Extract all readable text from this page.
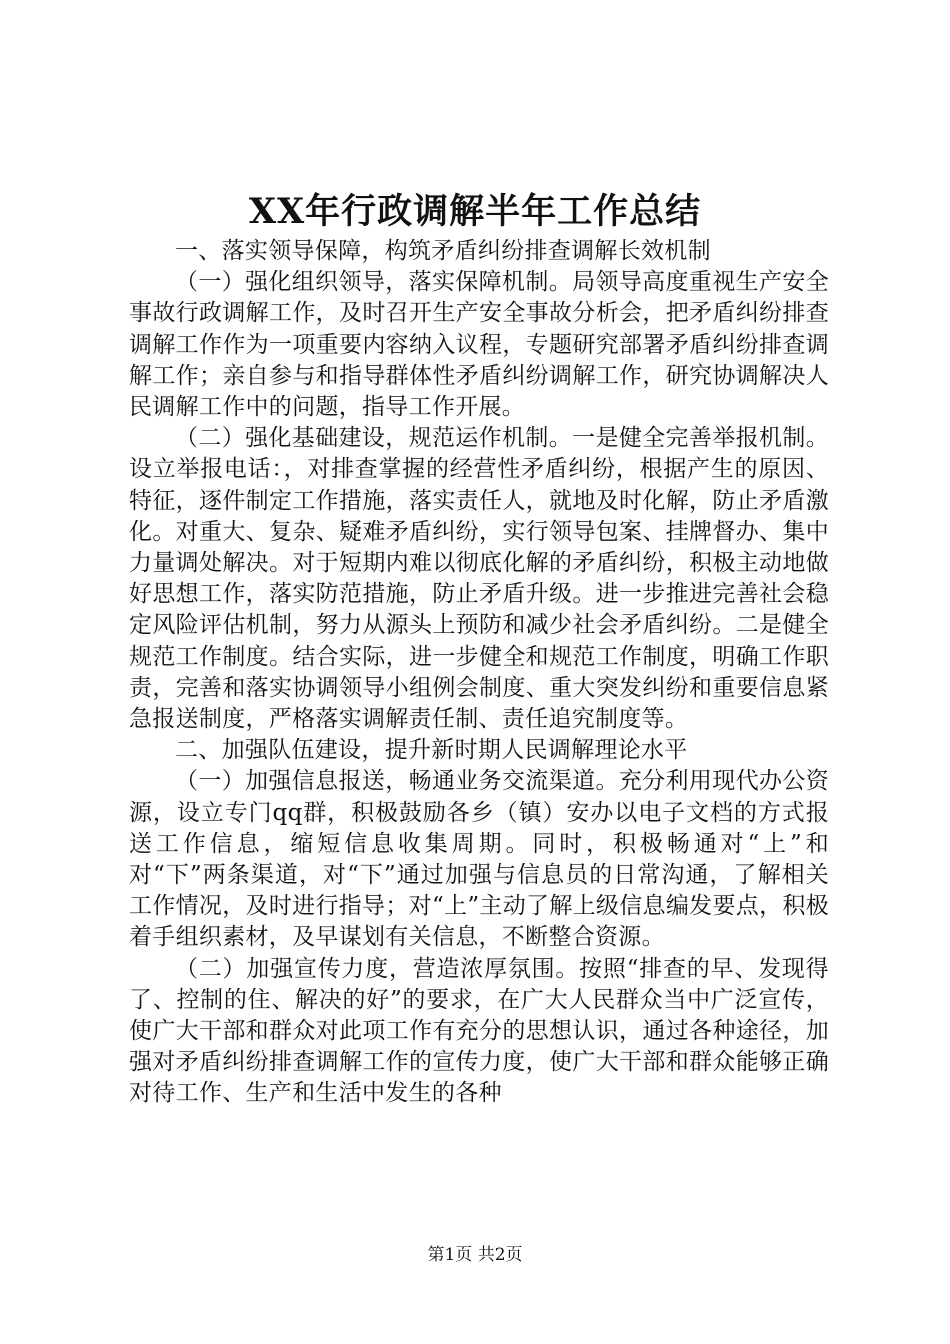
XX年行政调解半年工作总结

一、落实领导保障，构筑矛盾纠纷排查调解长效机制

（一）强化组织领导，落实保障机制。局领导高度重视生产安全事故行政调解工作，及时召开生产安全事故分析会，把矛盾纠纷排查调解工作作为一项重要内容纳入议程，专题研究部署矛盾纠纷排查调解工作；亲自参与和指导群体性矛盾纠纷调解工作，研究协调解决人民调解工作中的问题，指导工作开展。

（二）强化基础建设，规范运作机制。一是健全完善举报机制。设立举报电话：，对排查掌握的经营性矛盾纠纷，根据产生的原因、特征，逐件制定工作措施，落实责任人，就地及时化解，防止矛盾激化。对重大、复杂、疑难矛盾纠纷，实行领导包案、挂牌督办、集中力量调处解决。对于短期内难以彻底化解的矛盾纠纷，积极主动地做好思想工作，落实防范措施，防止矛盾升级。进一步推进完善社会稳定风险评估机制，努力从源头上预防和减少社会矛盾纠纷。二是健全规范工作制度。结合实际，进一步健全和规范工作制度，明确工作职责，完善和落实协调领导小组例会制度、重大突发纠纷和重要信息紧急报送制度，严格落实调解责任制、责任追究制度等。

二、加强队伍建设，提升新时期人民调解理论水平

（一）加强信息报送，畅通业务交流渠道。充分利用现代办公资源，设立专门qq群，积极鼓励各乡（镇）安办以电子文档的方式报送工作信息，缩短信息收集周期。同时，积极畅通对“上”和对“下”两条渠道，对“下”通过加强与信息员的日常沟通，了解相关工作情况，及时进行指导；对“上”主动了解上级信息编发要点，积极着手组织素材，及早谋划有关信息，不断整合资源。

（二）加强宣传力度，营造浓厚氛围。按照“排查的早、发现得了、控制的住、解决的好”的要求，在广大人民群众当中广泛宣传，使广大干部和群众对此项工作有充分的思想认识，通过各种途径，加强对矛盾纠纷排查调解工作的宣传力度，使广大干部和群众能够正确对待工作、生产和生活中发生的各种

第1页 共2页
